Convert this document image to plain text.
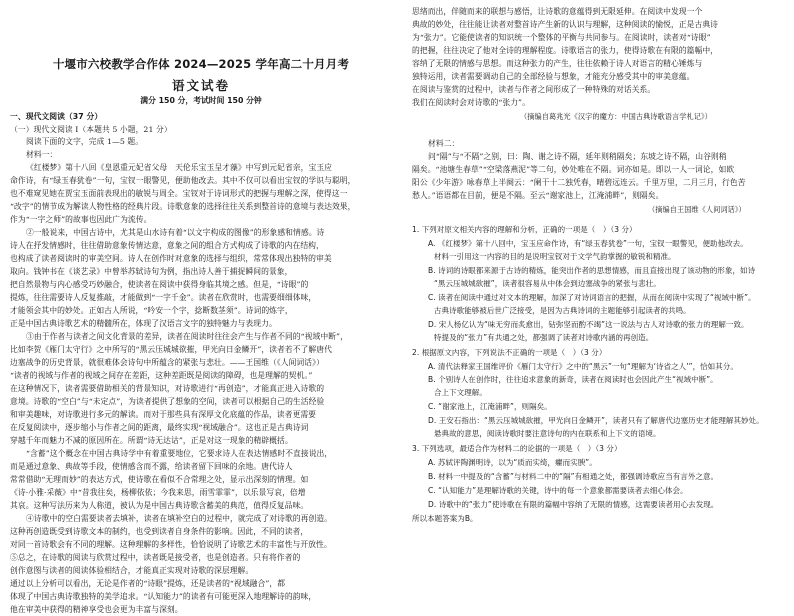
十堰市六校教学合作体 2024—2025 学年高二十月月考
语文试卷
满分 150 分，考试时间 150 分钟
一、现代文阅读（37 分）
（一）现代文阅读 I（本题共 5 小题，21 分）
阅读下面的文字，完成 1—5 题。
材料一：
《红楼梦》第十八回《皇恩重元妃省父母　天伦乐宝玉呈才藻》中写到元妃省亲，宝玉应
命作诗，有“绿玉春犹卷”一句，宝钗一眼警见，便助他改去。其中不仅可以看出宝钗的学识与聪明，
也不难窥见她在贾宝玉面前表现出的敏锐与周全。宝钗对于诗词形式的把握与理解之深，使得这一
“改字”的情节成为解读人物性格的经典片段。诗歌意象的选择往往关系到整首诗的意境与表达效果，
作为“一字之师”的故事也因此广为流传。
②一般说来，中国古诗中，尤其是山水诗有着“以文字构成的图像”的形象感和情感。诗
诗人在抒发情感时，往往借助意象传情达意，意象之间的组合方式构成了诗歌的内在结构，
也构成了读者阅读时的审美空间。诗人在创作时对意象的选择与组织，常常体现出独特的审美
取向。钱钟书在《谈艺录》中曾举苏轼诗句为例，指出诗人善于捕捉瞬间的景象，
把自然景物与内心感受巧妙融合，使读者在阅读中获得身临其境之感。但是，“诗眼”的
提炼，往往需要诗人反复推敲，才能做到“一字千金”。读者在欣赏时，也需要细细体味，
才能领会其中的妙处。正如古人所说，“吟安一个字，捻断数茎须”。诗词的炼字，
正是中国古典诗歌艺术的精髓所在，体现了汉语言文字的独特魅力与表现力。
③由于作者与读者之间文化背景的差异，读者在阅读时往往会产生与作者不同的“视域中断”，
比如李贺《雁门太守行》之中所写的“黑云压城城欲摧，甲光向日金鳞开”，读者若不了解唐代
边塞战争的历史背景，就很难体会诗句中所蕴含的紧张与悲壮。——王国维（《人间词话》）
“读者的视域与作者的视域之间存在差距，这种差距既是阅读的障碍，也是理解的契机。”
在这种情况下，读者需要借助相关的背景知识，对诗歌进行“再创造”，才能真正进入诗歌的
意境。诗歌的“空白”与“未定点”，为读者提供了想象的空间，读者可以根据自己的生活经验
和审美趣味，对诗歌进行多元的解读。而对于那些具有深厚文化底蕴的作品，读者更需要
在反复阅读中，逐步缩小与作者之间的距离，最终实现“视域融合”。这也正是古典诗词
穿越千年而魅力不减的原因所在。所谓“诗无达诂”，正是对这一现象的精辟概括。
“含蓄”这个概念在中国古典诗学中有着重要地位，它要求诗人在表达情感时不直接说出，
而是通过意象、典故等手段，使情感含而不露，给读者留下回味的余地。唐代诗人
常常借助“无理而妙”的表达方式，使诗歌在看似不合常理之处，显示出深刻的情理。如
《诗·小雅·采薇》中“昔我往矣，杨柳依依；今我来思，雨雪霏霏”，以乐景写哀，倍增
其哀。这种写法历来为人称道，被认为是中国古典诗歌含蓄美的典范，值得反复品味。
④诗歌中的空白需要读者去填补，读者在填补空白的过程中，就完成了对诗歌的再创造。
这种再创造既受到诗歌文本的制约，也受到读者自身条件的影响。因此，不同的读者，
对同一首诗歌会有不同的理解。这种理解的多样性，恰恰说明了诗歌艺术的丰富性与开放性。
⑤总之，在诗歌的阅读与欣赏过程中，读者既是接受者，也是创造者。只有将作者的
创作意图与读者的阅读体验相结合，才能真正实现对诗歌的深层理解。
通过以上分析可以看出，无论是作者的“诗眼”提炼，还是读者的“视域融合”，都
体现了中国古典诗歌独特的美学追求。“认知能力”的读者有可能更深入地理解诗的韵味，
他在审美中获得的精神享受也会更为丰富与深刻。
思绪而出，伴随而来的联想与感悟，让诗歌的意蕴得到无限延伸。在阅读中发现一个
典故的妙处，往往能让读者对整首诗产生新的认识与理解，这种阅读的愉悦，正是古典诗
为“张力”。它能使读者的知识统一个整体的平衡与共同参与。在阅读时，读者对“诗眼”
的把握，往往决定了他对全诗的理解程度。诗歌语言的张力，使得诗歌在有限的篇幅中，
容纳了无限的情感与思想。而这种张力的产生，往往依赖于诗人对语言的精心锤炼与
独特运用，读者需要调动自己的全部经验与想象，才能充分感受其中的审美意蕴。
在阅读与鉴赏的过程中，读者与作者之间形成了一种特殊的对话关系。
我们在阅读时会对诗歌的“张力”。
（摘编自葛兆光《汉字的魔方：中国古典诗歌语言学札记》）
材料二：
问“隔”与“不隔”之别，曰：陶、谢之诗不隔，延年则稍隔矣；东坡之诗不隔，山谷则稍
隔矣。“池塘生春草”“空梁落燕泥”等二句，妙处唯在不隔。词亦如是。即以一人一词论，如欧
阳公《少年游》咏春草上半阕云：“阑干十二独凭春，晴碧远连云。千里万里，二月三月，行色苦
愁人。”语语都在目前，便是不隔。至云“谢家池上，江淹浦畔”，则隔矣。
（摘编自王国维《人间词话》）
1. 下列对原文相关内容的理解和分析，正确的一项是（　）（3 分）
A. 《红楼梦》第十八回中，宝玉应命作诗，有“绿玉春犹卷”一句，宝钗一眼警见，便助他改去。
材料一引用这一内容的目的是说明宝钗对于文学气韵掌握的敏锐和精准。
B. 诗词的诗眼都来源于古诗的精炼，能突出作者的思想情感，而且直接出现了该动物的形象，如诗
“黑云压城城欲摧”，读者很容易从中体会到边塞战争的紧张与悲壮。
C. 读者在阅读中通过对文本的理解，加深了对诗词语言的把握，从而在阅读中实现了“视域中断”。
古典诗歌能够被后世广泛接受，是因为古典诗词的主题能够引起读者的共鸣。
D. 宋人杨亿认为“味无穷而炙愈出，钻弥坚而酌不竭”这一说法与古人对诗歌的张力的理解一致。
特提及的“张力”有共通之处，都强调了读者对诗歌内涵的再创造。
2. 根据原文内容，下列说法不正确的一项是（　）（3 分）
A. 清代法释家王国维评价《雁门太守行》之中的“黑云”一句“理解为‘诗省之人’”，恰如其分。
B. 个别诗人在创作时，往往追求意象的新奇，读者在阅读时也会因此产生“视域中断”。
合上下文理解。
C. “谢家池上，江淹浦畔”，则隔矣。
D. 王安石指出：“黑云压城城欲摧，甲光向日金鳞开”，读者只有了解唐代边塞历史才能理解其妙处。
悬典故的意思，阅读诗歌时要注意诗句的内在联系和上下文的语境。
3. 下列选项，最适合作为材料二的论据的一项是（　）（3 分）
A. 苏轼评陶渊明诗，以为“质而实绮，癯而实腴”。
B. 材料一中提及的“含蓄”与材料二中的“隔”有相通之处，都强调诗歌应当有言外之意。
C. “认知能力”是理解诗歌的关键，诗中的每一个意象都需要读者去细心体会。
D. 诗歌中的“张力”使诗歌在有限的篇幅中容纳了无限的情感，这需要读者用心去发现。
所以本题答案为B。
